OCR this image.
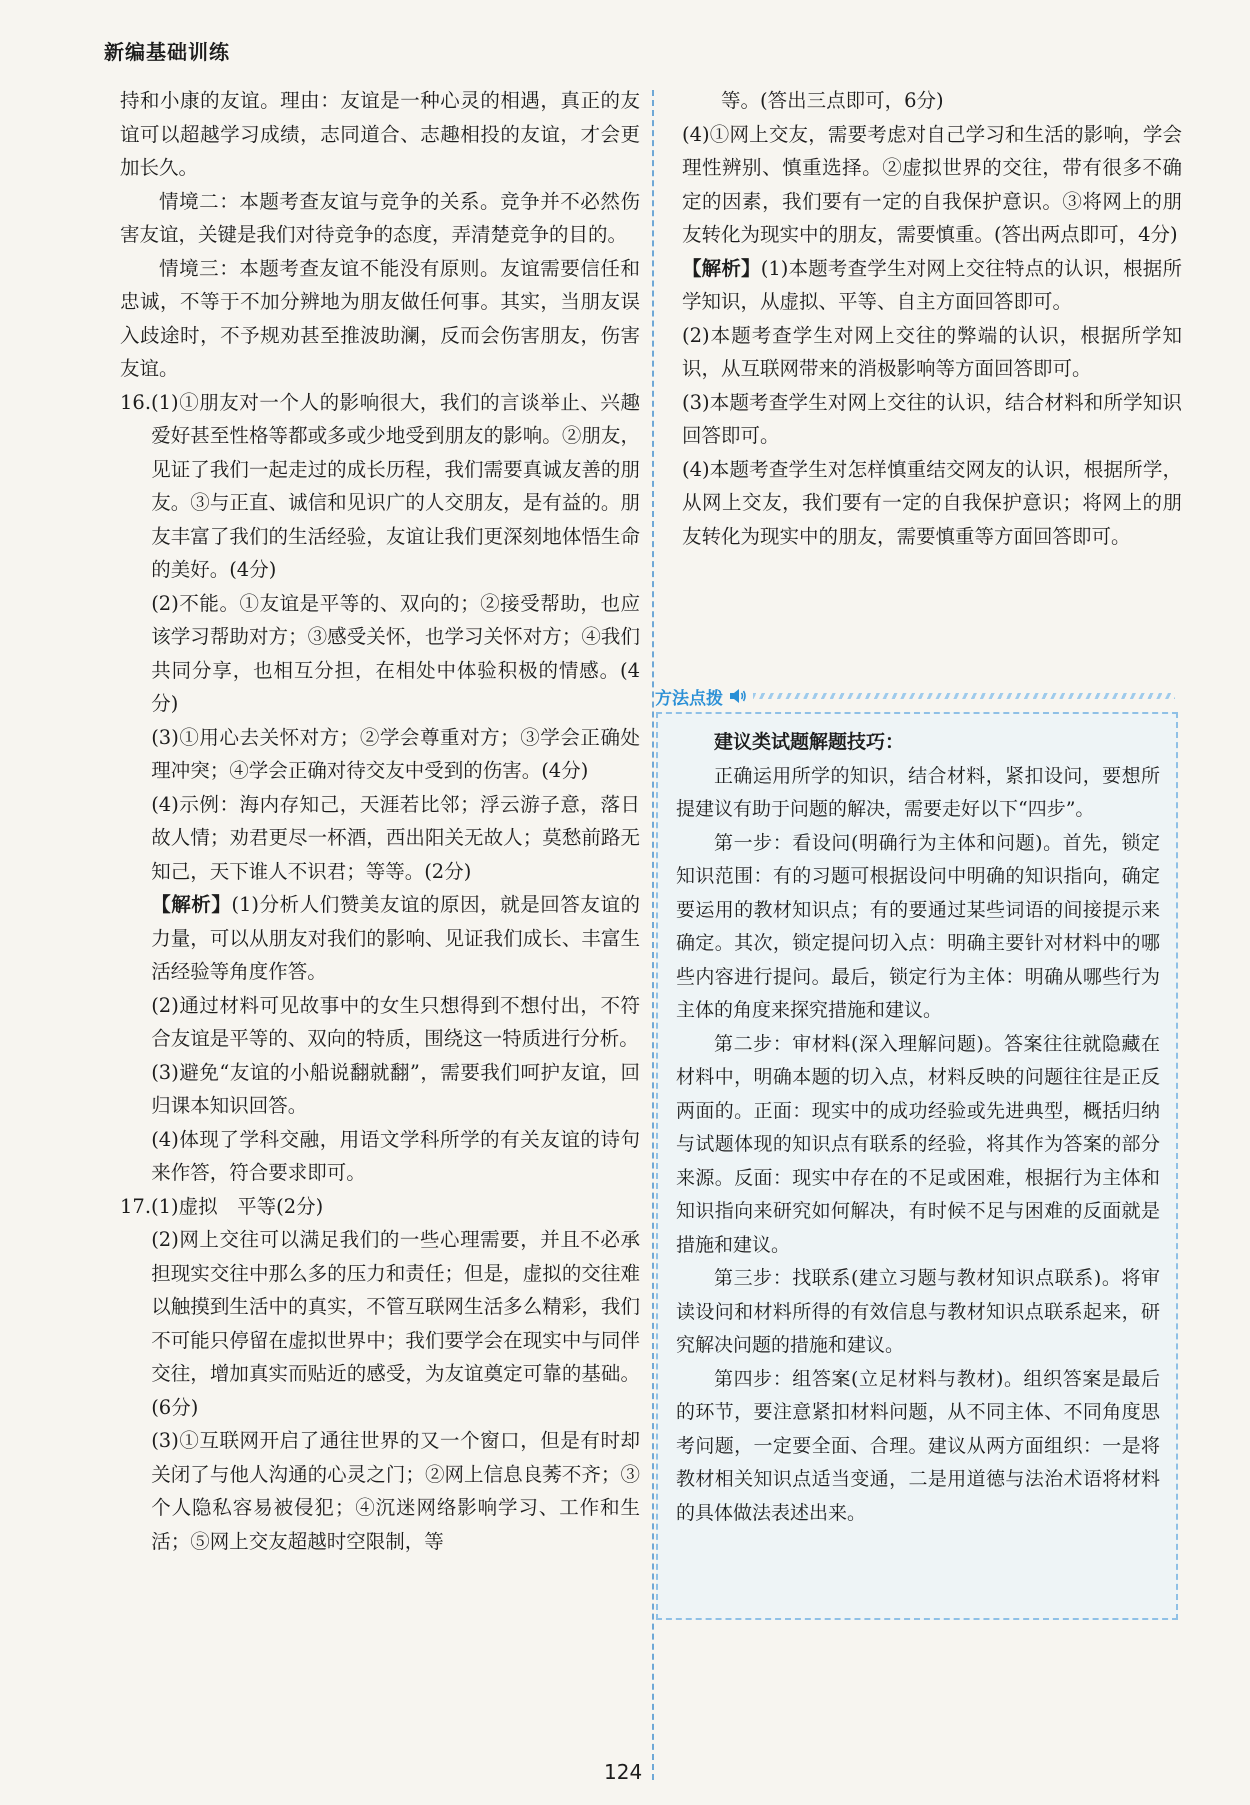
新编基础训练

持和小康的友谊。理由：友谊是一种心灵的相遇，真正的友谊可以超越学习成绩，志同道合、志趣相投的友谊，才会更加长久。

情境二：本题考查友谊与竞争的关系。竞争并不必然伤害友谊，关键是我们对待竞争的态度，弄清楚竞争的目的。

情境三：本题考查友谊不能没有原则。友谊需要信任和忠诚，不等于不加分辨地为朋友做任何事。其实，当朋友误入歧途时，不予规劝甚至推波助澜，反而会伤害朋友，伤害友谊。

16.(1)①朋友对一个人的影响很大，我们的言谈举止、兴趣爱好甚至性格等都或多或少地受到朋友的影响。②朋友，见证了我们一起走过的成长历程，我们需要真诚友善的朋友。③与正直、诚信和见识广的人交朋友，是有益的。朋友丰富了我们的生活经验，友谊让我们更深刻地体悟生命的美好。(4分)

(2)不能。①友谊是平等的、双向的；②接受帮助，也应该学习帮助对方；③感受关怀，也学习关怀对方；④我们共同分享，也相互分担，在相处中体验积极的情感。(4分)

(3)①用心去关怀对方；②学会尊重对方；③学会正确处理冲突；④学会正确对待交友中受到的伤害。(4分)

(4)示例：海内存知己，天涯若比邻；浮云游子意，落日故人情；劝君更尽一杯酒，西出阳关无故人；莫愁前路无知己，天下谁人不识君；等等。(2分)

【解析】(1)分析人们赞美友谊的原因，就是回答友谊的力量，可以从朋友对我们的影响、见证我们成长、丰富生活经验等角度作答。

(2)通过材料可见故事中的女生只想得到不想付出，不符合友谊是平等的、双向的特质，围绕这一特质进行分析。

(3)避免“友谊的小船说翻就翻”，需要我们呵护友谊，回归课本知识回答。

(4)体现了学科交融，用语文学科所学的有关友谊的诗句来作答，符合要求即可。

17.(1)虚拟　平等(2分)

(2)网上交往可以满足我们的一些心理需要，并且不必承担现实交往中那么多的压力和责任；但是，虚拟的交往难以触摸到生活中的真实，不管互联网生活多么精彩，我们不可能只停留在虚拟世界中；我们要学会在现实中与同伴交往，增加真实而贴近的感受，为友谊奠定可靠的基础。(6分)

(3)①互联网开启了通往世界的又一个窗口，但是有时却关闭了与他人沟通的心灵之门；②网上信息良莠不齐；③个人隐私容易被侵犯；④沉迷网络影响学习、工作和生活；⑤网上交友超越时空限制，等

等。(答出三点即可，6分)

(4)①网上交友，需要考虑对自己学习和生活的影响，学会理性辨别、慎重选择。②虚拟世界的交往，带有很多不确定的因素，我们要有一定的自我保护意识。③将网上的朋友转化为现实中的朋友，需要慎重。(答出两点即可，4分)

【解析】(1)本题考查学生对网上交往特点的认识，根据所学知识，从虚拟、平等、自主方面回答即可。

(2)本题考查学生对网上交往的弊端的认识，根据所学知识，从互联网带来的消极影响等方面回答即可。

(3)本题考查学生对网上交往的认识，结合材料和所学知识回答即可。

(4)本题考查学生对怎样慎重结交网友的认识，根据所学，从网上交友，我们要有一定的自我保护意识；将网上的朋友转化为现实中的朋友，需要慎重等方面回答即可。

方法点拨

建议类试题解题技巧：

正确运用所学的知识，结合材料，紧扣设问，要想所提建议有助于问题的解决，需要走好以下“四步”。

第一步：看设问(明确行为主体和问题)。首先，锁定知识范围：有的习题可根据设问中明确的知识指向，确定要运用的教材知识点；有的要通过某些词语的间接提示来确定。其次，锁定提问切入点：明确主要针对材料中的哪些内容进行提问。最后，锁定行为主体：明确从哪些行为主体的角度来探究措施和建议。

第二步：审材料(深入理解问题)。答案往往就隐藏在材料中，明确本题的切入点，材料反映的问题往往是正反两面的。正面：现实中的成功经验或先进典型，概括归纳与试题体现的知识点有联系的经验，将其作为答案的部分来源。反面：现实中存在的不足或困难，根据行为主体和知识指向来研究如何解决，有时候不足与困难的反面就是措施和建议。

第三步：找联系(建立习题与教材知识点联系)。将审读设问和材料所得的有效信息与教材知识点联系起来，研究解决问题的措施和建议。

第四步：组答案(立足材料与教材)。组织答案是最后的环节，要注意紧扣材料问题，从不同主体、不同角度思考问题，一定要全面、合理。建议从两方面组织：一是将教材相关知识点适当变通，二是用道德与法治术语将材料的具体做法表述出来。

124
